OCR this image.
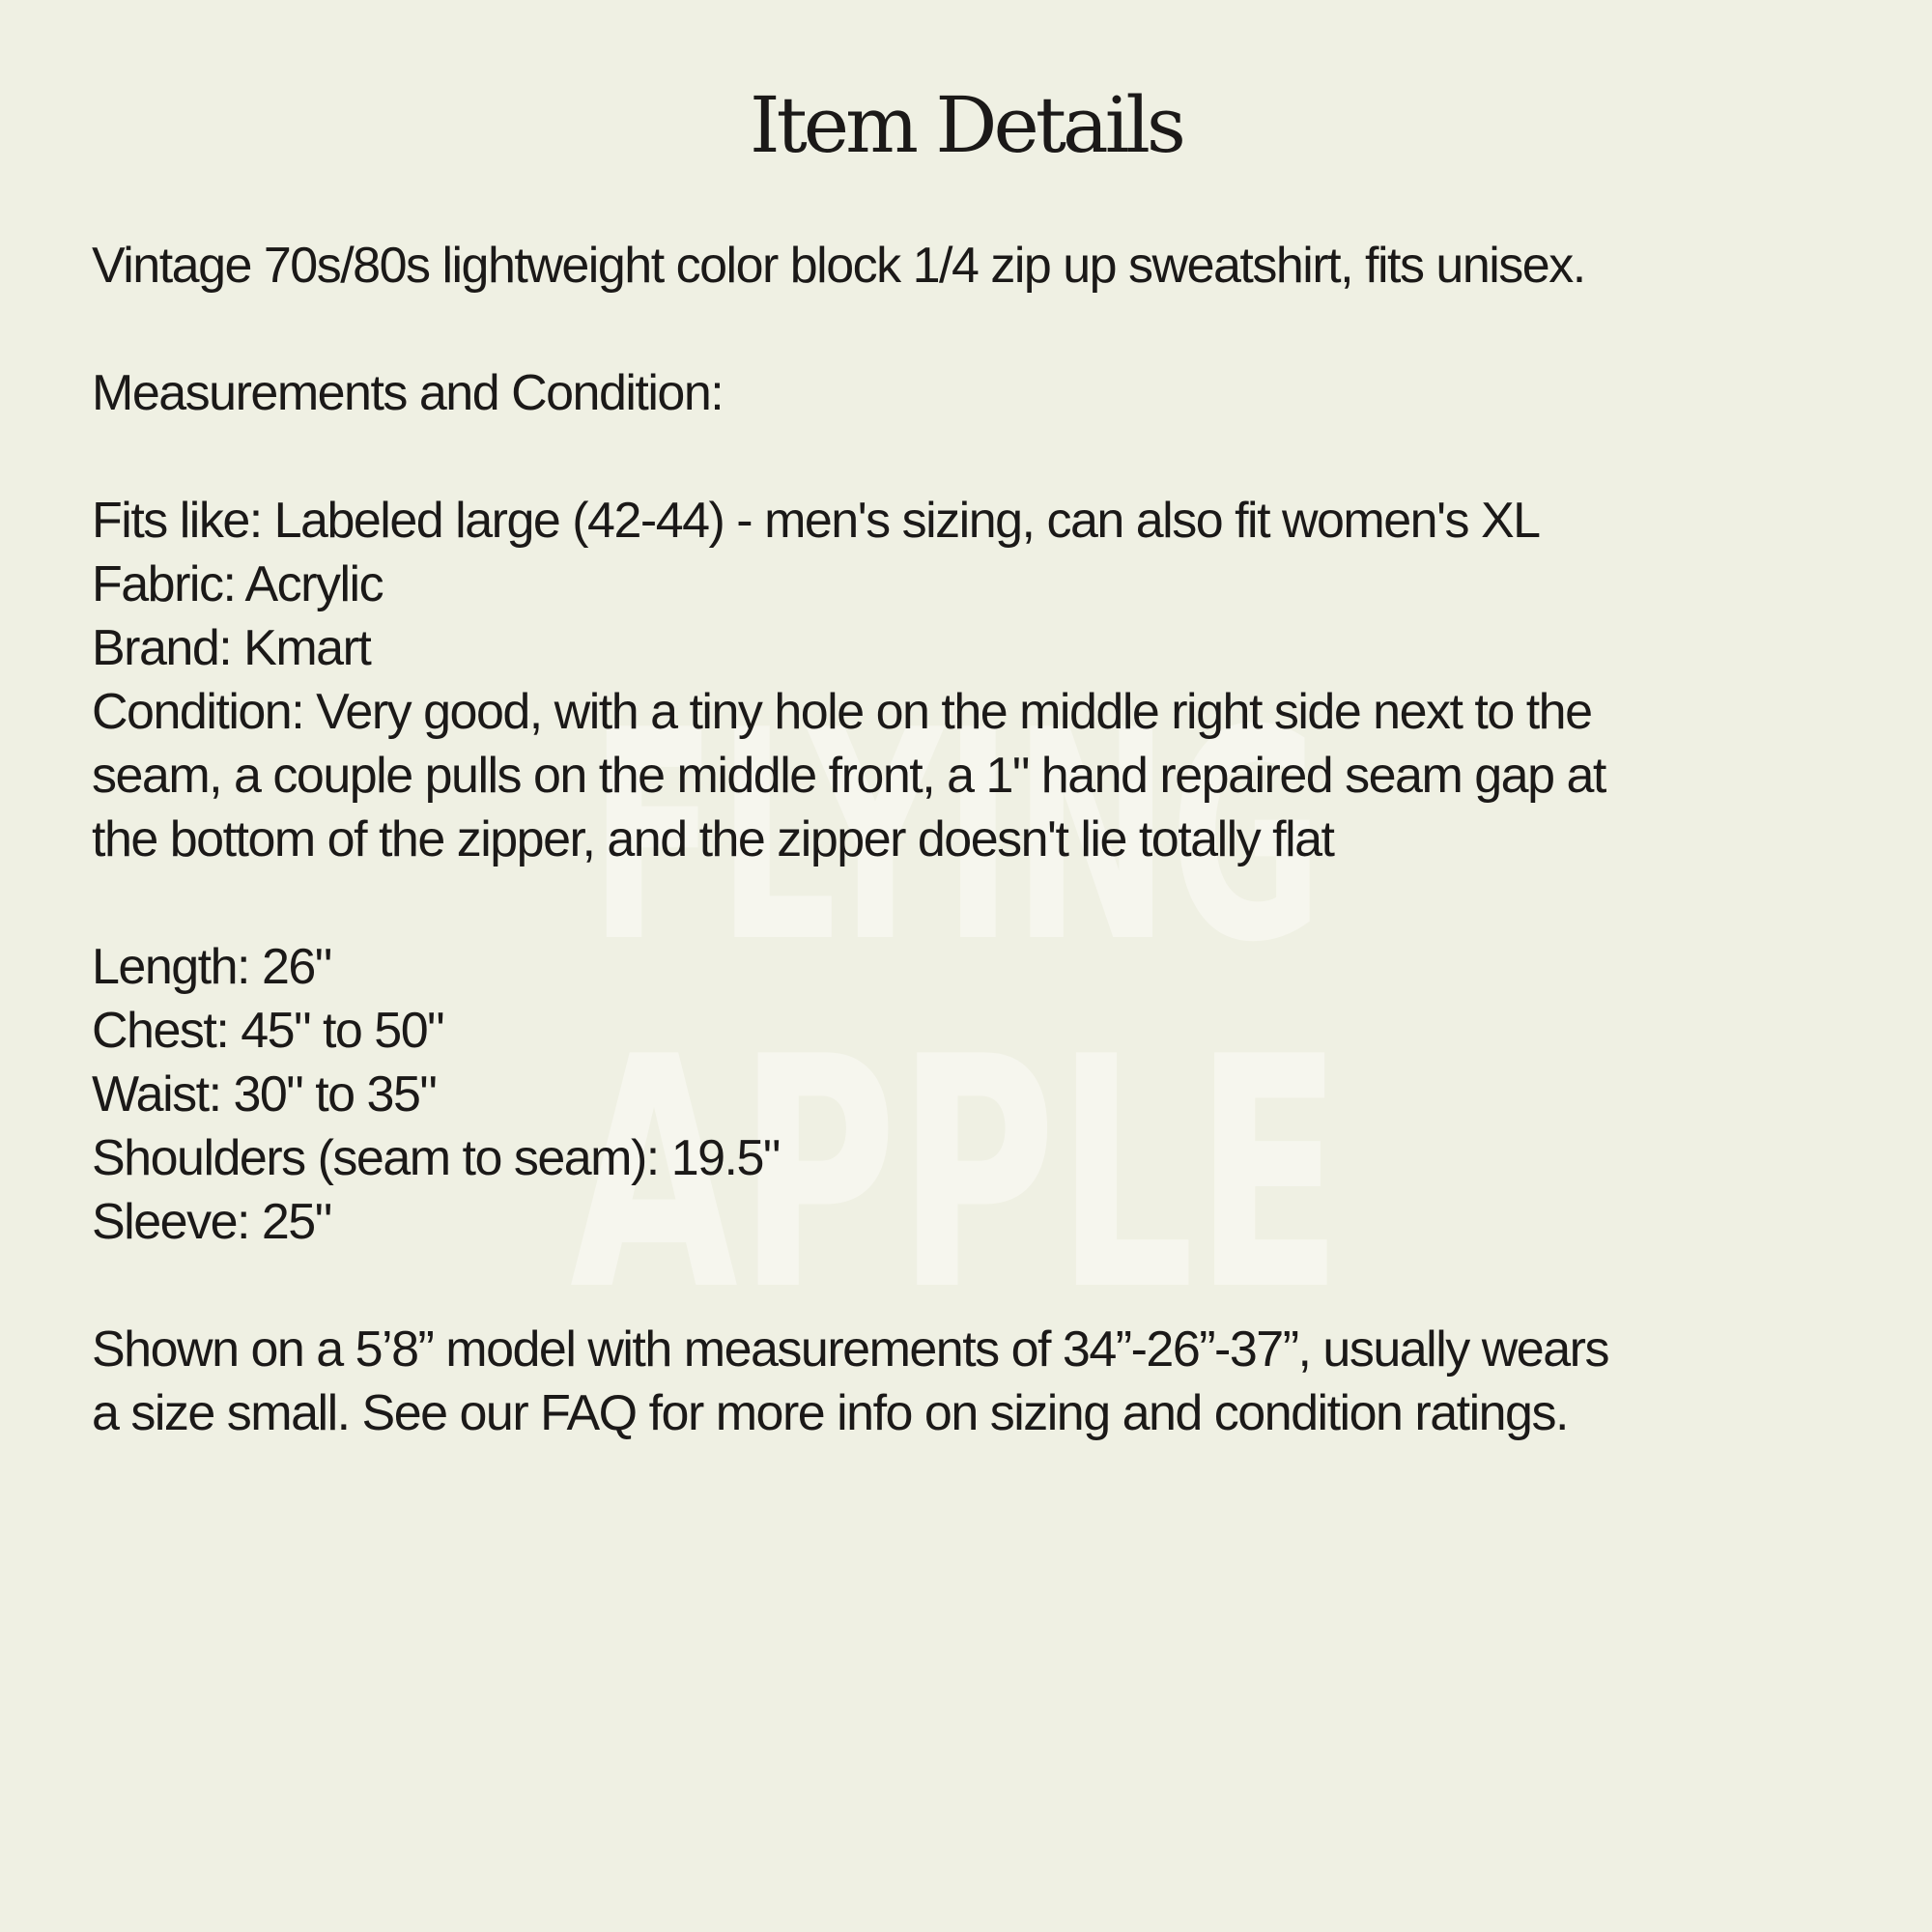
FLYING
APPLE
Item Details
Vintage 70s/80s lightweight color block 1/4 zip up sweatshirt, fits unisex.
Measurements and Condition:
Fits like: Labeled large (42-44) - men's sizing, can also fit women's XL
Fabric: Acrylic
Brand: Kmart
Condition: Very good, with a tiny hole on the middle right side next to the
seam, a couple pulls on the middle front, a 1" hand repaired seam gap at
the bottom of the zipper, and the zipper doesn't lie totally flat
Length: 26"
Chest: 45" to 50"
Waist: 30" to 35"
Shoulders (seam to seam): 19.5"
Sleeve: 25"
Shown on a 5’8” model with measurements of 34”-26”-37”, usually wears
a size small. See our FAQ for more info on sizing and condition ratings.
